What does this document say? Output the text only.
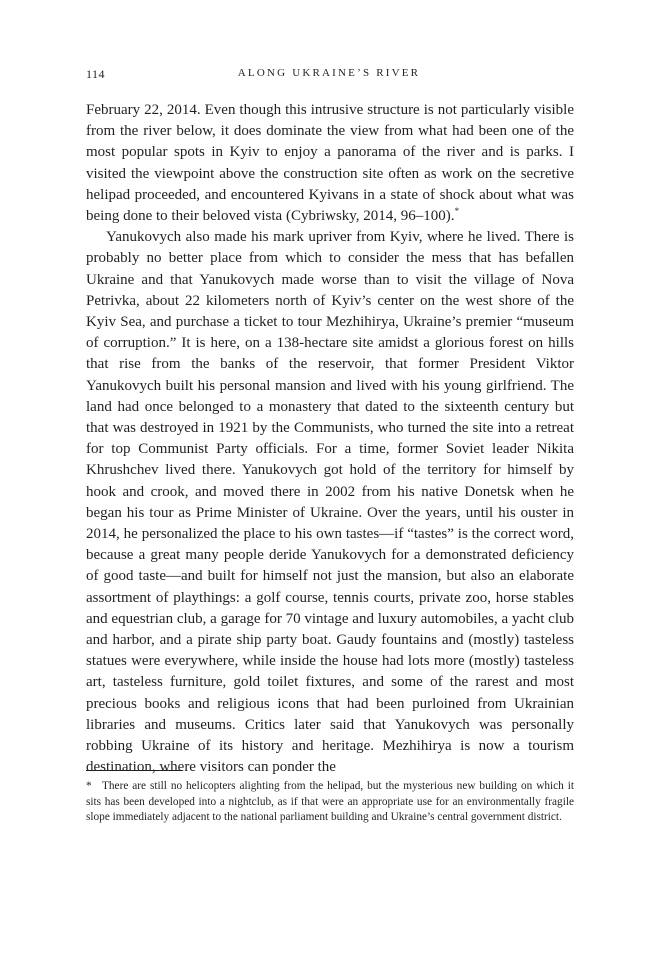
114	ALONG UKRAINE’S RIVER

February 22, 2014. Even though this intrusive structure is not particularly visible from the river below, it does dominate the view from what had been one of the most popular spots in Kyiv to enjoy a panorama of the river and is parks. I visited the viewpoint above the construction site often as work on the secretive helipad proceeded, and encountered Kyivans in a state of shock about what was being done to their beloved vista (Cybriwsky, 2014, 96–100).*

Yanukovych also made his mark upriver from Kyiv, where he lived. There is probably no better place from which to consider the mess that has befallen Ukraine and that Yanukovych made worse than to visit the village of Nova Petrivka, about 22 kilometers north of Kyiv’s center on the west shore of the Kyiv Sea, and purchase a ticket to tour Mezhihirya, Ukraine’s premier “museum of corruption.” It is here, on a 138-hectare site amidst a glorious forest on hills that rise from the banks of the reservoir, that former President Viktor Yanukovych built his personal mansion and lived with his young girlfriend. The land had once belonged to a monastery that dated to the sixteenth century but that was destroyed in 1921 by the Communists, who turned the site into a retreat for top Communist Party officials. For a time, former Soviet leader Nikita Khrushchev lived there. Yanukovych got hold of the territory for himself by hook and crook, and moved there in 2002 from his native Donetsk when he began his tour as Prime Minister of Ukraine. Over the years, until his ouster in 2014, he personalized the place to his own tastes—if “tastes” is the correct word, because a great many people deride Yanukovych for a demonstrated deficiency of good taste—and built for himself not just the mansion, but also an elaborate assortment of playthings: a golf course, tennis courts, private zoo, horse stables and equestrian club, a garage for 70 vintage and luxury automobiles, a yacht club and harbor, and a pirate ship party boat. Gaudy fountains and (mostly) tasteless statues were everywhere, while inside the house had lots more (mostly) tasteless art, tasteless furniture, gold toilet fixtures, and some of the rarest and most precious books and religious icons that had been purloined from Ukrainian libraries and museums. Critics later said that Yanukovych was personally robbing Ukraine of its history and heritage. Mezhihirya is now a tourism destination, where visitors can ponder the

* There are still no helicopters alighting from the helipad, but the mysterious new building on which it sits has been developed into a nightclub, as if that were an appropriate use for an environmentally fragile slope immediately adjacent to the national parliament building and Ukraine’s central government district.
